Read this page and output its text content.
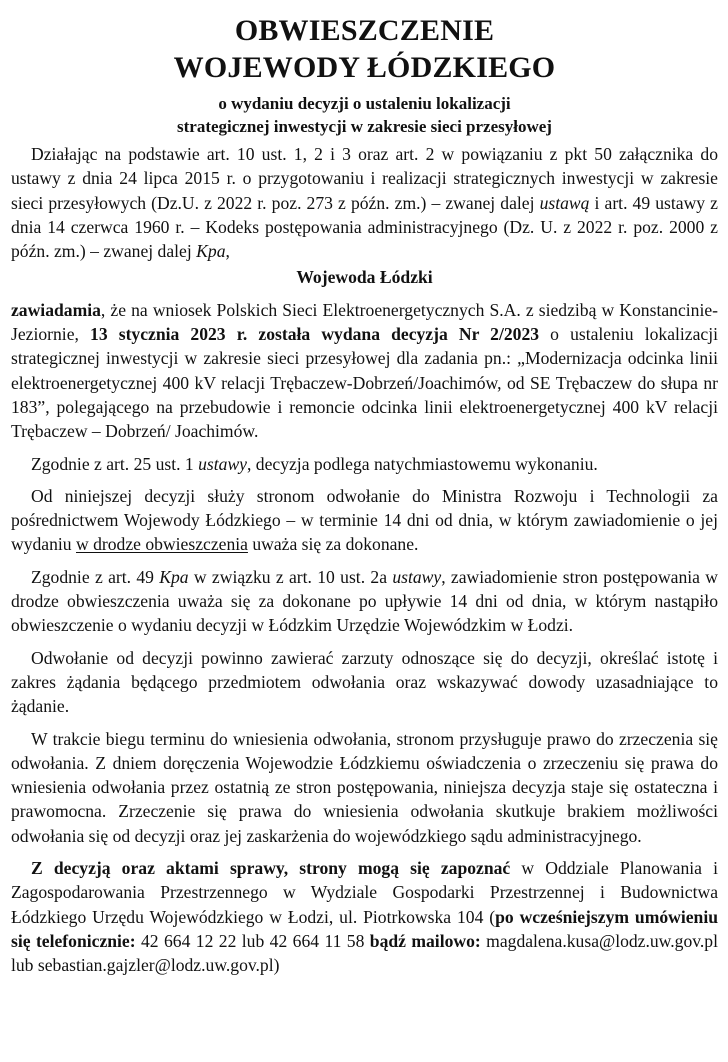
OBWIESZCZENIE
WOJEWODY ŁÓDZKIEGO
o wydaniu decyzji o ustaleniu lokalizacji
strategicznej inwestycji w zakresie sieci przesyłowej

Działając na podstawie art. 10 ust. 1, 2 i 3 oraz art. 2 w powiązaniu z pkt 50 załącznika do ustawy z dnia 24 lipca 2015 r. o przygotowaniu i realizacji strategicznych inwestycji w zakresie sieci przesyłowych (Dz.U. z 2022 r. poz. 273 z późn. zm.) – zwanej dalej ustawą i art. 49 ustawy z dnia 14 czerwca 1960 r. – Kodeks postępowania administracyjnego (Dz. U. z 2022 r. poz. 2000 z późn. zm.) – zwanej dalej Kpa,

Wojewoda Łódzki

zawiadamia, że na wniosek Polskich Sieci Elektroenergetycznych S.A. z siedzibą w Konstancinie-Jeziornie, 13 stycznia 2023 r. została wydana decyzja Nr 2/2023 o ustaleniu lokalizacji strategicznej inwestycji w zakresie sieci przesyłowej dla zadania pn.: „Modernizacja odcinka linii elektroenergetycznej 400 kV relacji Trębaczew-Dobrzeń/Joachimów, od SE Trębaczew do słupa nr 183”, polegającego na przebudowie i remoncie odcinka linii elektroenergetycznej 400 kV relacji Trębaczew – Dobrzeń/ Joachimów.

Zgodnie z art. 25 ust. 1 ustawy, decyzja podlega natychmiastowemu wykonaniu.

Od niniejszej decyzji służy stronom odwołanie do Ministra Rozwoju i Technologii za pośrednictwem Wojewody Łódzkiego – w terminie 14 dni od dnia, w którym zawiadomienie o jej wydaniu w drodze obwieszczenia uważa się za dokonane.

Zgodnie z art. 49 Kpa w związku z art. 10 ust. 2a ustawy, zawiadomienie stron postępowania w drodze obwieszczenia uważa się za dokonane po upływie 14 dni od dnia, w którym nastąpiło obwieszczenie o wydaniu decyzji w Łódzkim Urzędzie Wojewódzkim w Łodzi.

Odwołanie od decyzji powinno zawierać zarzuty odnoszące się do decyzji, określać istotę i zakres żądania będącego przedmiotem odwołania oraz wskazywać dowody uzasadniające to żądanie.

W trakcie biegu terminu do wniesienia odwołania, stronom przysługuje prawo do zrzeczenia się odwołania. Z dniem doręczenia Wojewodzie Łódzkiemu oświadczenia o zrzeczeniu się prawa do wniesienia odwołania przez ostatnią ze stron postępowania, niniejsza decyzja staje się ostateczna i prawomocna. Zrzeczenie się prawa do wniesienia odwołania skutkuje brakiem możliwości odwołania się od decyzji oraz jej zaskarżenia do wojewódzkiego sądu administracyjnego.

Z decyzją oraz aktami sprawy, strony mogą się zapoznać w Oddziale Planowania i Zagospodarowania Przestrzennego w Wydziale Gospodarki Przestrzennej i Budownictwa Łódzkiego Urzędu Wojewódzkiego w Łodzi, ul. Piotrkowska 104 (po wcześniejszym umówieniu się telefonicznie: 42 664 12 22 lub 42 664 11 58 bądź mailowo: magdalena.kusa@lodz.uw.gov.pl lub sebastian.gajzler@lodz.uw.gov.pl)
